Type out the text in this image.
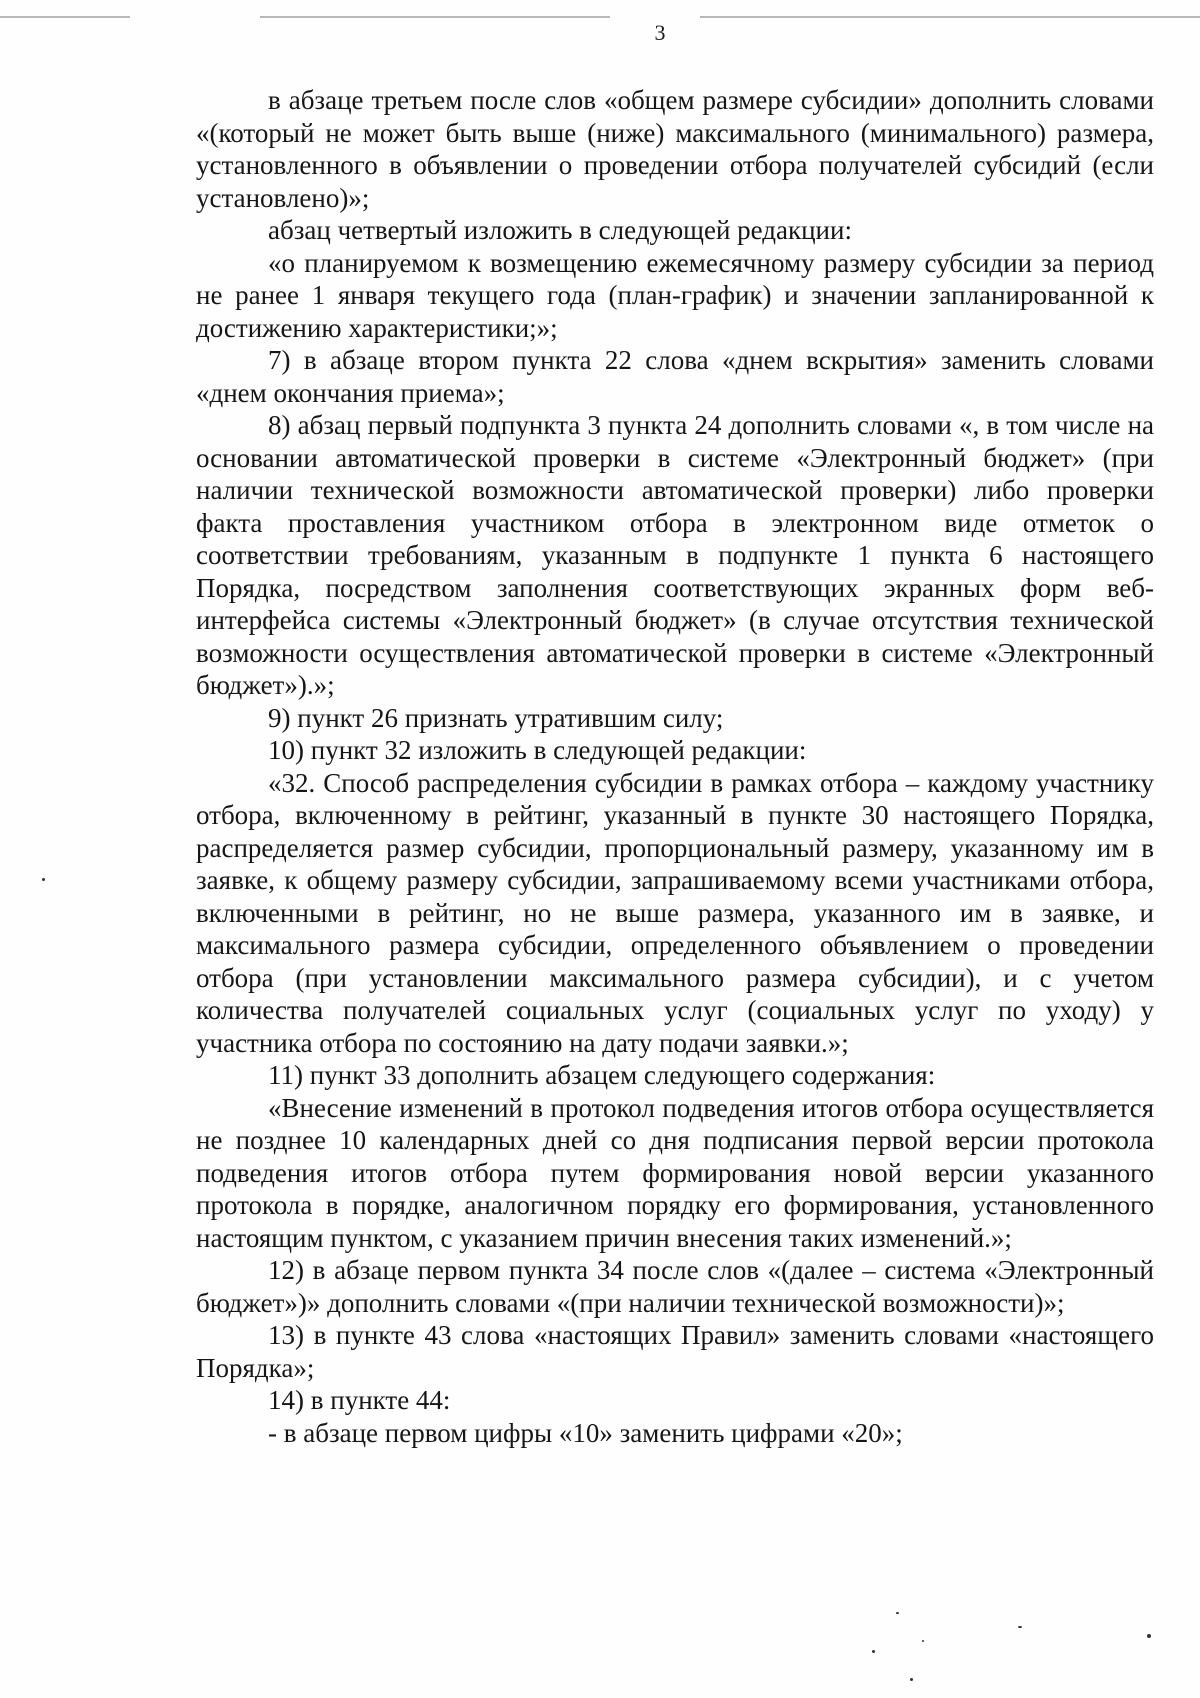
3

в абзаце третьем после слов «общем размере субсидии» дополнить словами «(который не может быть выше (ниже) максимального (минимального) размера, установленного в объявлении о проведении отбора получателей субсидий (если установлено)»;

абзац четвертый изложить в следующей редакции:

«о планируемом к возмещению ежемесячному размеру субсидии за период не ранее 1 января текущего года (план-график) и значении запланированной к достижению характеристики;»;

7) в абзаце втором пункта 22 слова «днем вскрытия» заменить словами «днем окончания приема»;

8) абзац первый подпункта 3 пункта 24 дополнить словами «, в том числе на основании автоматической проверки в системе «Электронный бюджет» (при наличии технической возможности автоматической проверки) либо проверки факта проставления участником отбора в электронном виде отметок о соответствии требованиям, указанным в подпункте 1 пункта 6 настоящего Порядка, посредством заполнения соответствующих экранных форм веб-интерфейса системы «Электронный бюджет» (в случае отсутствия технической возможности осуществления автоматической проверки в системе «Электронный бюджет»).»;

9) пункт 26 признать утратившим силу;

10) пункт 32 изложить в следующей редакции:

«32. Способ распределения субсидии в рамках отбора – каждому участнику отбора, включенному в рейтинг, указанный в пункте 30 настоящего Порядка, распределяется размер субсидии, пропорциональный размеру, указанному им в заявке, к общему размеру субсидии, запрашиваемому всеми участниками отбора, включенными в рейтинг, но не выше размера, указанного им в заявке, и максимального размера субсидии, определенного объявлением о проведении отбора (при установлении максимального размера субсидии), и с учетом количества получателей социальных услуг (социальных услуг по уходу) у участника отбора по состоянию на дату подачи заявки.»;

11) пункт 33 дополнить абзацем следующего содержания:

«Внесение изменений в протокол подведения итогов отбора осуществляется не позднее 10 календарных дней со дня подписания первой версии протокола подведения итогов отбора путем формирования новой версии указанного протокола в порядке, аналогичном порядку его формирования, установленного настоящим пунктом, с указанием причин внесения таких изменений.»;

12) в абзаце первом пункта 34 после слов «(далее – система «Электронный бюджет»)» дополнить словами «(при наличии технической возможности)»;

13) в пункте 43 слова «настоящих Правил» заменить словами «настоящего Порядка»;

14) в пункте 44:

- в абзаце первом цифры «10» заменить цифрами «20»;
